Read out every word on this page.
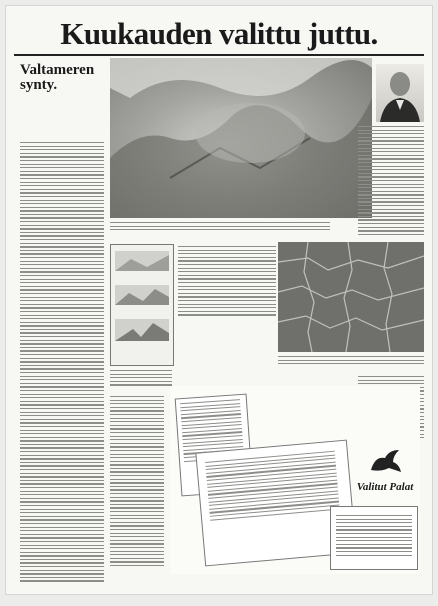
Kuukauden valittu juttu.
Valtameren
synty.
Valitut Palat
